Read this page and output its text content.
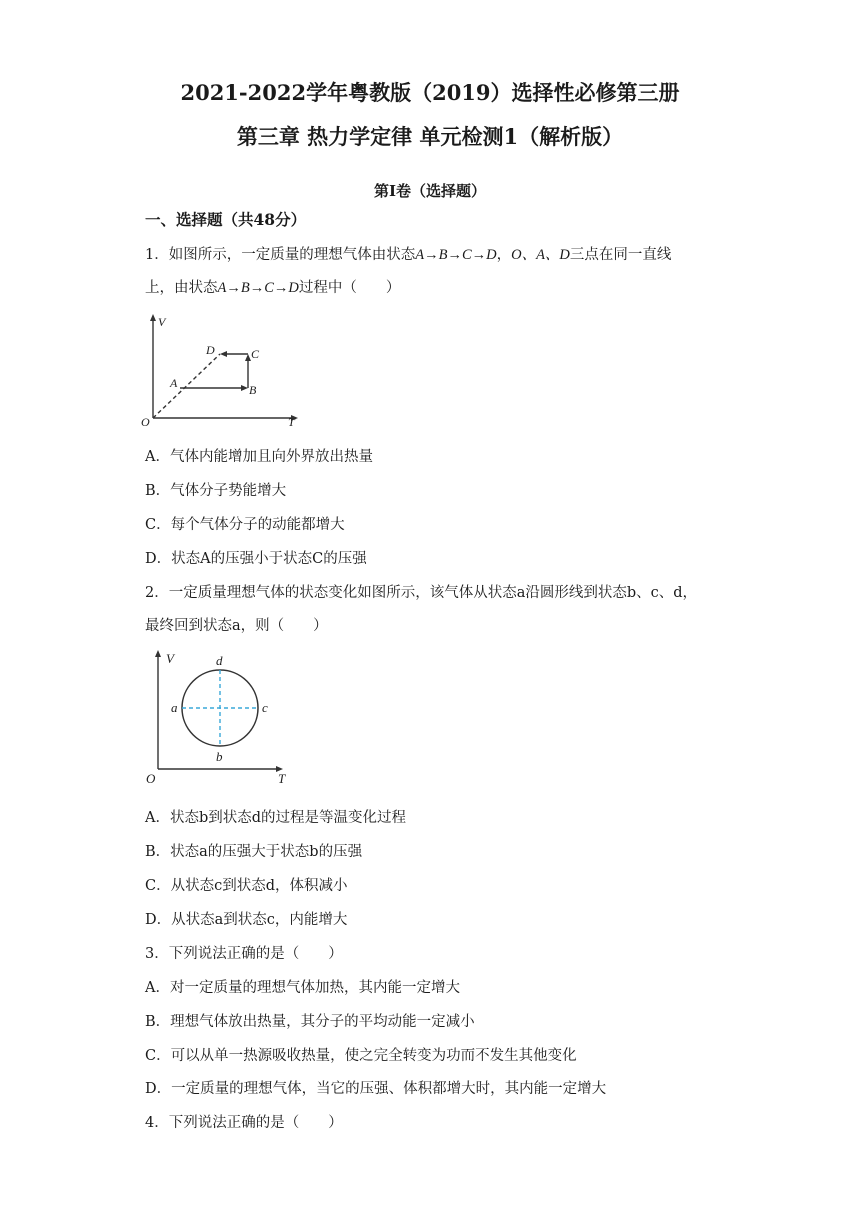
2021-2022学年粤教版（2019）选择性必修第三册
第三章 热力学定律 单元检测1（解析版）
第Ⅰ卷（选择题）
一、选择题（共48分）
1．如图所示，一定质量的理想气体由状态A→B→C→D，O、A、D三点在同一直线
上，由状态A→B→C→D过程中（　　）
V
T
O
A	B
C
D
A．气体内能增加且向外界放出热量
B．气体分子势能增大
C．每个气体分子的动能都增大
D．状态A的压强小于状态C的压强
2．一定质量理想气体的状态变化如图所示，该气体从状态a沿圆形线到状态b、c、d，
最终回到状态a，则（　　）
V
T
O
a
b
c
d
A．状态b到状态d的过程是等温变化过程
B．状态a的压强大于状态b的压强
C．从状态c到状态d，体积减小
D．从状态a到状态c，内能增大
3．下列说法正确的是（　　）
A．对一定质量的理想气体加热，其内能一定增大
B．理想气体放出热量，其分子的平均动能一定减小
C．可以从单一热源吸收热量，使之完全转变为功而不发生其他变化
D．一定质量的理想气体，当它的压强、体积都增大时，其内能一定增大
4．下列说法正确的是（　　）
